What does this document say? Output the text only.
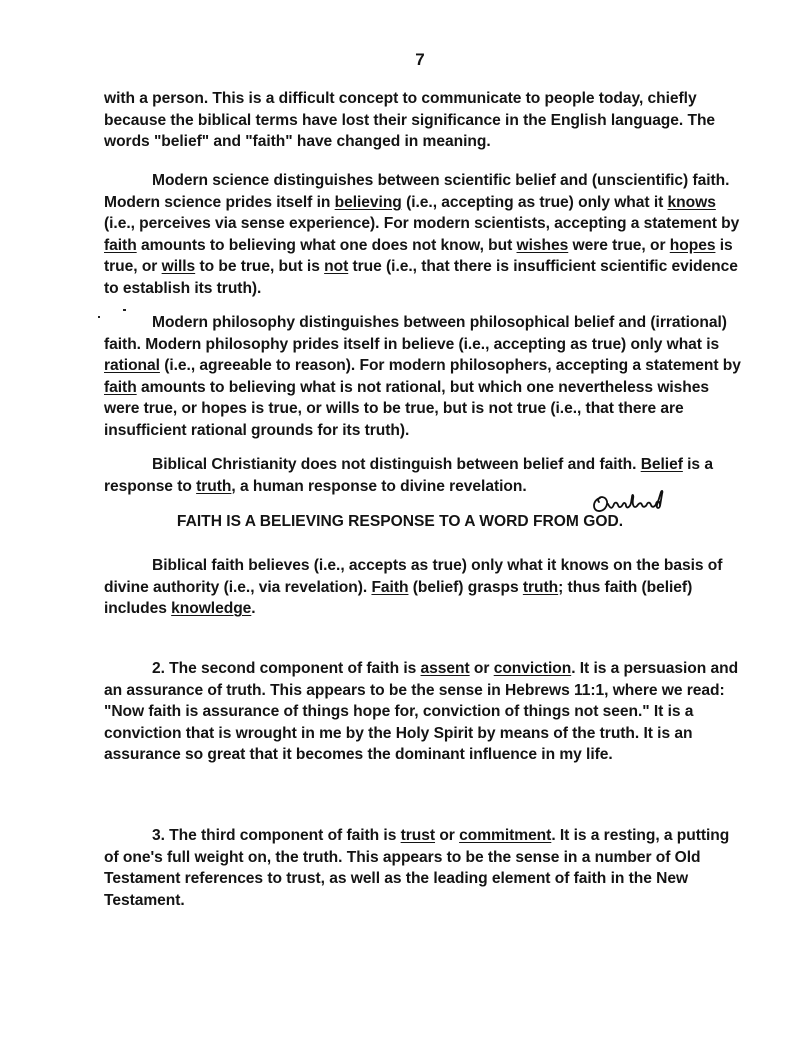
7

with a person. This is a difficult concept to communicate to people today, chiefly because the biblical terms have lost their significance in the English language. The words "belief" and "faith" have changed in meaning.

Modern science distinguishes between scientific belief and (unscientific) faith. Modern science prides itself in believing (i.e., accepting as true) only what it knows (i.e., perceives via sense experience). For modern scientists, accepting a statement by faith amounts to believing what one does not know, but wishes were true, or hopes is true, or wills to be true, but is not true (i.e., that there is insufficient scientific evidence to establish its truth).

Modern philosophy distinguishes between philosophical belief and (irrational) faith. Modern philosophy prides itself in believe (i.e., accepting as true) only what is rational (i.e., agreeable to reason). For modern philosophers, accepting a statement by faith amounts to believing what is not rational, but which one nevertheless wishes were true, or hopes is true, or wills to be true, but is not true (i.e., that there are insufficient rational grounds for its truth).

Biblical Christianity does not distinguish between belief and faith. Belief is a response to truth, a human response to divine revelation.

FAITH IS A BELIEVING RESPONSE TO A WORD FROM GOD.

Biblical faith believes (i.e., accepts as true) only what it knows on the basis of divine authority (i.e., via revelation). Faith (belief) grasps truth; thus faith (belief) includes knowledge.

2. The second component of faith is assent or conviction. It is a persuasion and an assurance of truth. This appears to be the sense in Hebrews 11:1, where we read: "Now faith is assurance of things hope for, conviction of things not seen." It is a conviction that is wrought in me by the Holy Spirit by means of the truth. It is an assurance so great that it becomes the dominant influence in my life.

3. The third component of faith is trust or commitment. It is a resting, a putting of one's full weight on, the truth. This appears to be the sense in a number of Old Testament references to trust, as well as the leading element of faith in the New Testament.
